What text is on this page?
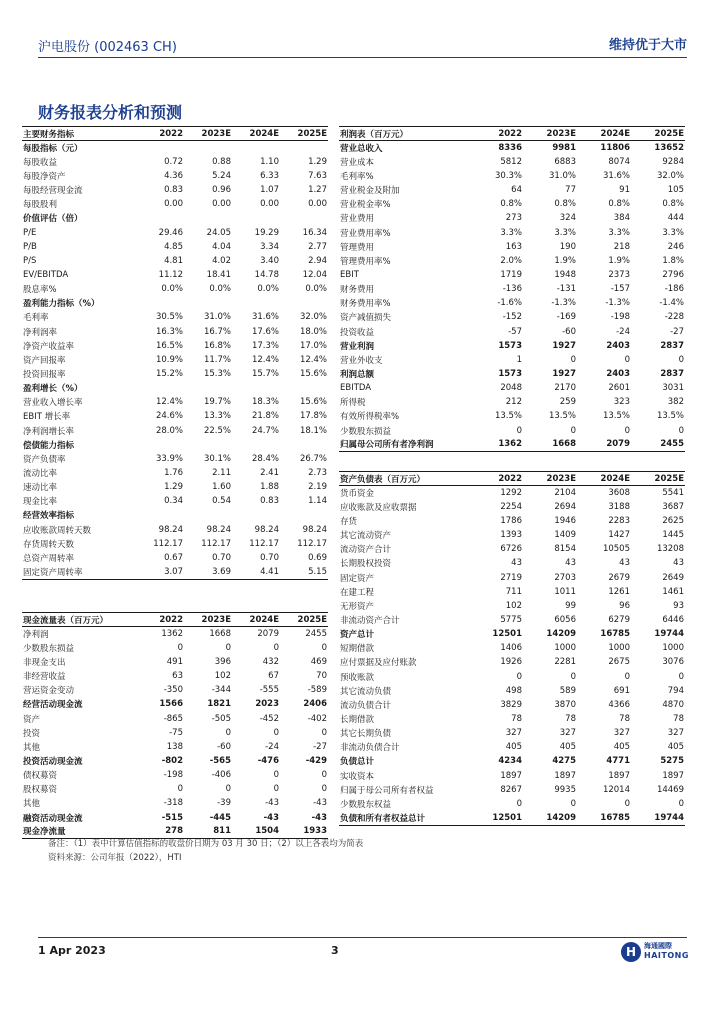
沪电股份 (002463 CH)	维持优于大市
财务报表分析和预测
主要财务指标	2022	2023E	2024E	2025E
每股指标（元）				
每股收益	0.72	0.88	1.10	1.29
每股净资产	4.36	5.24	6.33	7.63
每股经营现金流	0.83	0.96	1.07	1.27
每股股利	0.00	0.00	0.00	0.00
价值评估（倍）				
P/E	29.46	24.05	19.29	16.34
P/B	4.85	4.04	3.34	2.77
P/S	4.81	4.02	3.40	2.94
EV/EBITDA	11.12	18.41	14.78	12.04
股息率%	0.0%	0.0%	0.0%	0.0%
盈利能力指标（%）				
毛利率	30.5%	31.0%	31.6%	32.0%
净利润率	16.3%	16.7%	17.6%	18.0%
净资产收益率	16.5%	16.8%	17.3%	17.0%
资产回报率	10.9%	11.7%	12.4%	12.4%
投资回报率	15.2%	15.3%	15.7%	15.6%
盈利增长（%）				
营业收入增长率	12.4%	19.7%	18.3%	15.6%
EBIT 增长率	24.6%	13.3%	21.8%	17.8%
净利润增长率	28.0%	22.5%	24.7%	18.1%
偿债能力指标				
资产负债率	33.9%	30.1%	28.4%	26.7%
流动比率	1.76	2.11	2.41	2.73
速动比率	1.29	1.60	1.88	2.19
现金比率	0.34	0.54	0.83	1.14
经营效率指标				
应收账款周转天数	98.24	98.24	98.24	98.24
存货周转天数	112.17	112.17	112.17	112.17
总资产周转率	0.67	0.70	0.70	0.69
固定资产周转率	3.07	3.69	4.41	5.15
现金流量表（百万元）	2022	2023E	2024E	2025E
净利润	1362	1668	2079	2455
少数股东损益	0	0	0	0
非现金支出	491	396	432	469
非经营收益	63	102	67	70
营运资金变动	-350	-344	-555	-589
经营活动现金流	1566	1821	2023	2406
资产	-865	-505	-452	-402
投资	-75	0	0	0
其他	138	-60	-24	-27
投资活动现金流	-802	-565	-476	-429
债权募资	-198	-406	0	0
股权募资	0	0	0	0
其他	-318	-39	-43	-43
融资活动现金流	-515	-445	-43	-43
现金净流量	278	811	1504	1933
利润表（百万元）	2022	2023E	2024E	2025E
营业总收入	8336	9981	11806	13652
营业成本	5812	6883	8074	9284
毛利率%	30.3%	31.0%	31.6%	32.0%
营业税金及附加	64	77	91	105
营业税金率%	0.8%	0.8%	0.8%	0.8%
营业费用	273	324	384	444
营业费用率%	3.3%	3.3%	3.3%	3.3%
管理费用	163	190	218	246
管理费用率%	2.0%	1.9%	1.9%	1.8%
EBIT	1719	1948	2373	2796
财务费用	-136	-131	-157	-186
财务费用率%	-1.6%	-1.3%	-1.3%	-1.4%
资产减值损失	-152	-169	-198	-228
投资收益	-57	-60	-24	-27
营业利润	1573	1927	2403	2837
营业外收支	1	0	0	0
利润总额	1573	1927	2403	2837
EBITDA	2048	2170	2601	3031
所得税	212	259	323	382
有效所得税率%	13.5%	13.5%	13.5%	13.5%
少数股东损益	0	0	0	0
归属母公司所有者净利润	1362	1668	2079	2455
资产负债表（百万元）	2022	2023E	2024E	2025E
货币资金	1292	2104	3608	5541
应收账款及应收票据	2254	2694	3188	3687
存货	1786	1946	2283	2625
其它流动资产	1393	1409	1427	1445
流动资产合计	6726	8154	10505	13208
长期股权投资	43	43	43	43
固定资产	2719	2703	2679	2649
在建工程	711	1011	1261	1461
无形资产	102	99	96	93
非流动资产合计	5775	6056	6279	6446
资产总计	12501	14209	16785	19744
短期借款	1406	1000	1000	1000
应付票据及应付账款	1926	2281	2675	3076
预收账款	0	0	0	0
其它流动负债	498	589	691	794
流动负债合计	3829	3870	4366	4870
长期借款	78	78	78	78
其它长期负债	327	327	327	327
非流动负债合计	405	405	405	405
负债总计	4234	4275	4771	5275
实收资本	1897	1897	1897	1897
归属于母公司所有者权益	8267	9935	12014	14469
少数股东权益	0	0	0	0
负债和所有者权益总计	12501	14209	16785	19744
备注：（1）表中计算估值指标的收盘价日期为 03 月 30 日；（2）以上各表均为简表
资料来源：公司年报（2022），HTI
1 Apr 2023	3	H 海通國際
HAITONG
